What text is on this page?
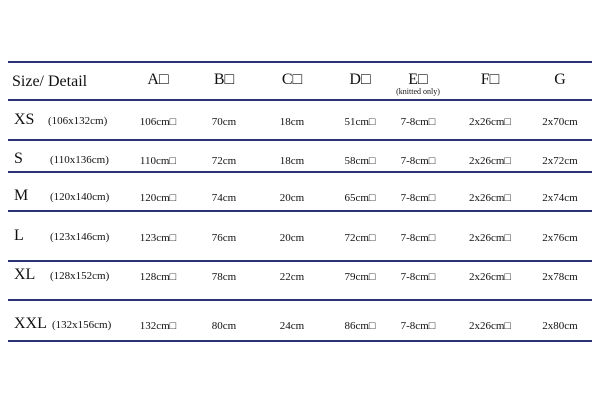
Size/ Detail	A□	B□	C□	D□ E□	F□	G
(knitted only)
XS (106x132cm)	106cm□	70cm	18cm	51cm□ 7-8cm□	2x26cm□	2x70cm
S (110x136cm)	110cm□	72cm	18cm	58cm□ 7-8cm□	2x26cm□	2x72cm
M (120x140cm)	120cm□	74cm	20cm	65cm□ 7-8cm□	2x26cm□	2x74cm
L (123x146cm)	123cm□	76cm	20cm	72cm□ 7-8cm□	2x26cm□	2x76cm
XL (128x152cm)	128cm□	78cm	22cm	79cm□ 7-8cm□	2x26cm□	2x78cm
XXL (132x156cm)	132cm□	80cm	24cm	86cm□ 7-8cm□	2x26cm□	2x80cm
